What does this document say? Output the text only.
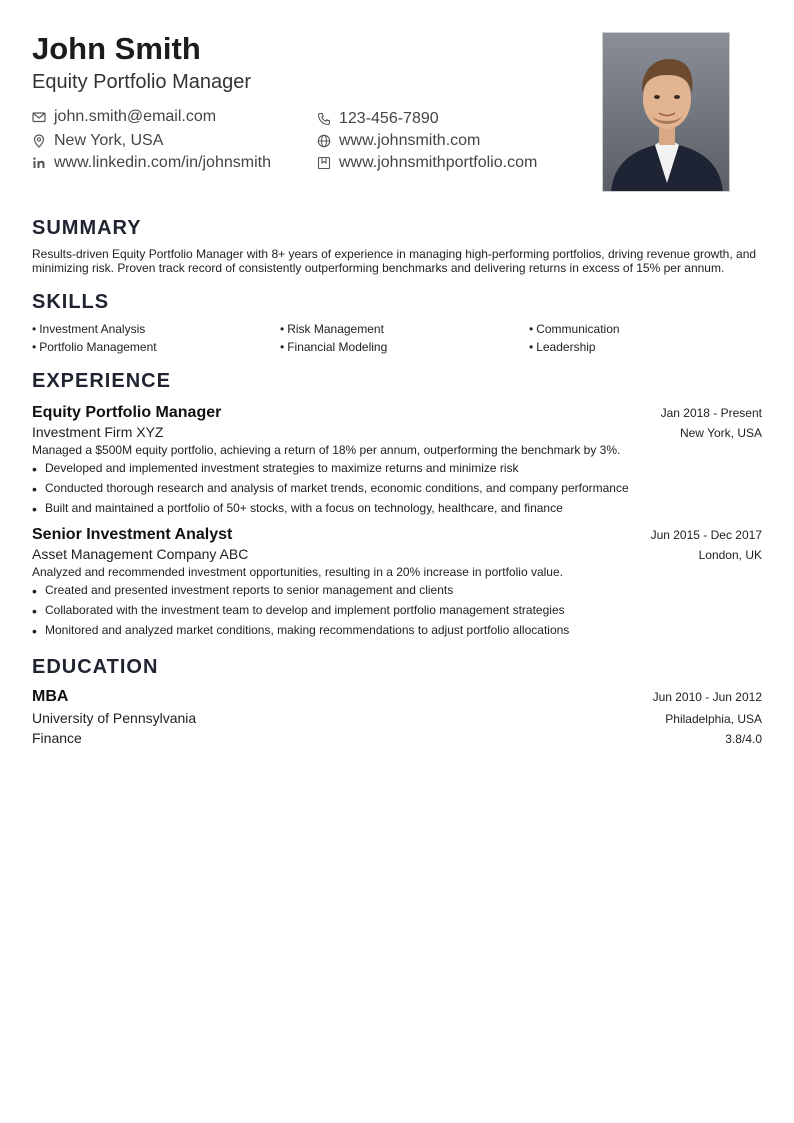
John Smith
Equity Portfolio Manager
john.smith@email.com	123-456-7890
New York, USA	www.johnsmith.com
www.linkedin.com/in/johnsmith	www.johnsmithportfolio.com
SUMMARY
Results-driven Equity Portfolio Manager with 8+ years of experience in managing high-performing portfolios, driving revenue growth, and minimizing risk. Proven track record of consistently outperforming benchmarks and delivering returns in excess of 15% per annum.
SKILLS
• Investment Analysis	• Risk Management	• Communication
• Portfolio Management	• Financial Modeling	• Leadership
EXPERIENCE
Equity Portfolio Manager	Jan 2018 - Present
Investment Firm XYZ	New York, USA
Managed a $500M equity portfolio, achieving a return of 18% per annum, outperforming the benchmark by 3%.
• Developed and implemented investment strategies to maximize returns and minimize risk
• Conducted thorough research and analysis of market trends, economic conditions, and company performance
• Built and maintained a portfolio of 50+ stocks, with a focus on technology, healthcare, and finance
Senior Investment Analyst	Jun 2015 - Dec 2017
Asset Management Company ABC	London, UK
Analyzed and recommended investment opportunities, resulting in a 20% increase in portfolio value.
• Created and presented investment reports to senior management and clients
• Collaborated with the investment team to develop and implement portfolio management strategies
• Monitored and analyzed market conditions, making recommendations to adjust portfolio allocations
EDUCATION
MBA	Jun 2010 - Jun 2012
University of Pennsylvania	Philadelphia, USA
Finance	3.8/4.0
